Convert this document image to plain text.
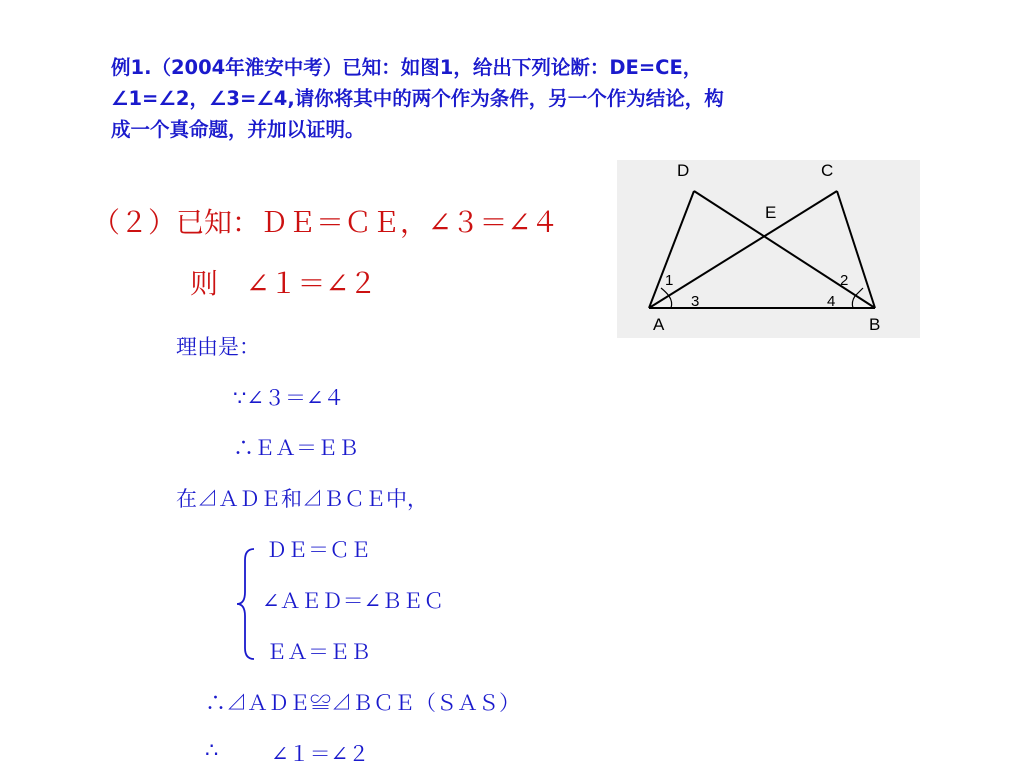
例1.（2004年淮安中考）已知：如图1，给出下列论断：DE=CE，
∠1=∠2，∠3=∠4,请你将其中的两个作为条件，另一个作为结论，构
成一个真命题，并加以证明。
（２）已知：ＤＥ＝ＣＥ，∠３＝∠４
则　∠１＝∠２
D	C
E
A	B
1
3
2
4
理由是：
∵∠３＝∠４
∴ＥＡ＝ＥＢ
在⊿ＡＤＥ和⊿ＢＣＥ中，
ＤＥ＝ＣＥ
∠ＡＥＤ＝∠ＢＥＣ
ＥＡ＝ＥＢ
∴⊿ＡＤＥ≌⊿ＢＣＥ（ＳＡＳ）
∴	∠１＝∠２
